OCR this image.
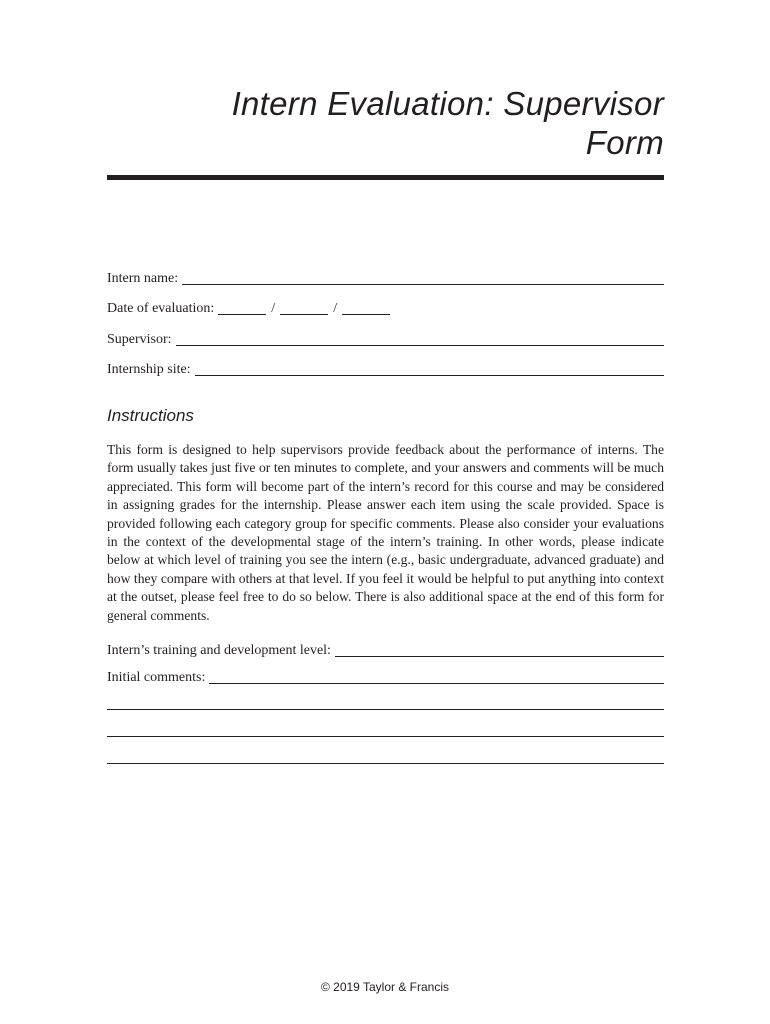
Intern Evaluation: Supervisor
Form
Intern name:
Date of evaluation:	/	/
Supervisor:
Internship site:
Instructions

This form is designed to help supervisors provide feedback about the performance of interns. The form usually takes just five or ten minutes to complete, and your answers and comments will be much appreciated. This form will become part of the intern’s record for this course and may be considered in assigning grades for the internship. Please answer each item using the scale provided. Space is provided following each category group for specific comments. Please also consider your evaluations in the context of the developmental stage of the intern’s training. In other words, please indicate below at which level of training you see the intern (e.g., basic undergraduate, advanced graduate) and how they compare with others at that level. If you feel it would be helpful to put anything into context at the outset, please feel free to do so below. There is also additional space at the end of this form for general comments.

Intern’s training and development level:
Initial comments:
© 2019 Taylor & Francis
